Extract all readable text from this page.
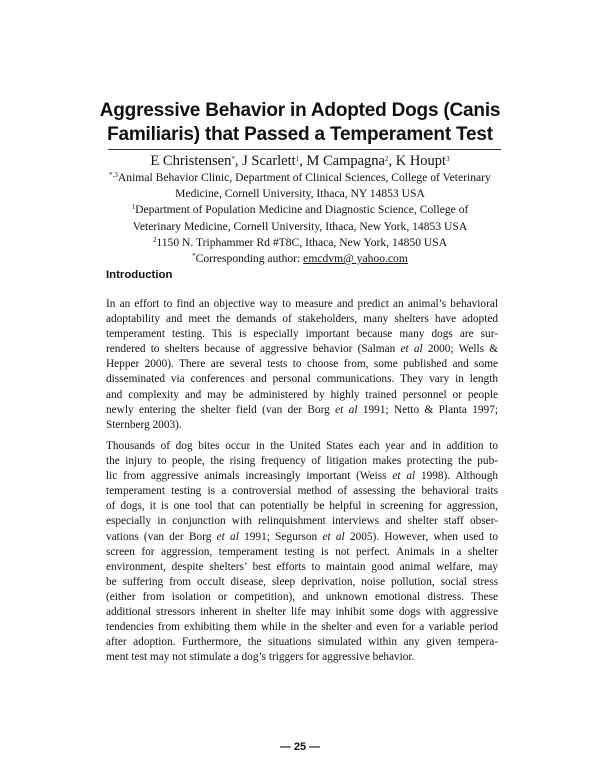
Aggressive Behavior in Adopted Dogs (Canis
Familiaris) that Passed a Temperament Test
E Christensen*, J Scarlett$^1$, M Campagna$^2$, K Houpt$^3$

$^{*,3}$Animal Behavior Clinic, Department of Clinical Sciences, College of Veterinary

Medicine, Cornell University, Ithaca, NY 14853 USA

$^1$Department of Population Medicine and Diagnostic Science, College of

Veterinary Medicine, Cornell University, Ithaca, New York, 14853 USA

$^2$1150 N. Triphammer Rd #T8C, Ithaca, New York, 14850 USA

*Corresponding author: emcdvm@ yahoo.com

Introduction

In an effort to find an objective way to measure and predict an animal’s behavioral
adoptability and meet the demands of stakeholders, many shelters have adopted
temperament testing. This is especially important because many dogs are sur-
rendered to shelters because of aggressive behavior (Salman et al 2000; Wells &
Hepper 2000). There are several tests to choose from, some published and some
disseminated via conferences and personal communications. They vary in length
and complexity and may be administered by highly trained personnel or people
newly entering the shelter field (van der Borg et al 1991; Netto & Planta 1997;
Sternberg 2003).

Thousands of dog bites occur in the United States each year and in addition to
the injury to people, the rising frequency of litigation makes protecting the pub-
lic from aggressive animals increasingly important (Weiss et al 1998). Although
temperament testing is a controversial method of assessing the behavioral traits
of dogs, it is one tool that can potentially be helpful in screening for aggression,
especially in conjunction with relinquishment interviews and shelter staff obser-
vations (van der Borg et al 1991; Segurson et al 2005). However, when used to
screen for aggression, temperament testing is not perfect. Animals in a shelter
environment, despite shelters’ best efforts to maintain good animal welfare, may
be suffering from occult disease, sleep deprivation, noise pollution, social stress
(either from isolation or competition), and unknown emotional distress. These
additional stressors inherent in shelter life may inhibit some dogs with aggressive
tendencies from exhibiting them while in the shelter and even for a variable period
after adoption. Furthermore, the situations simulated within any given tempera-
ment test may not stimulate a dog’s triggers for aggressive behavior.

— 25 —
